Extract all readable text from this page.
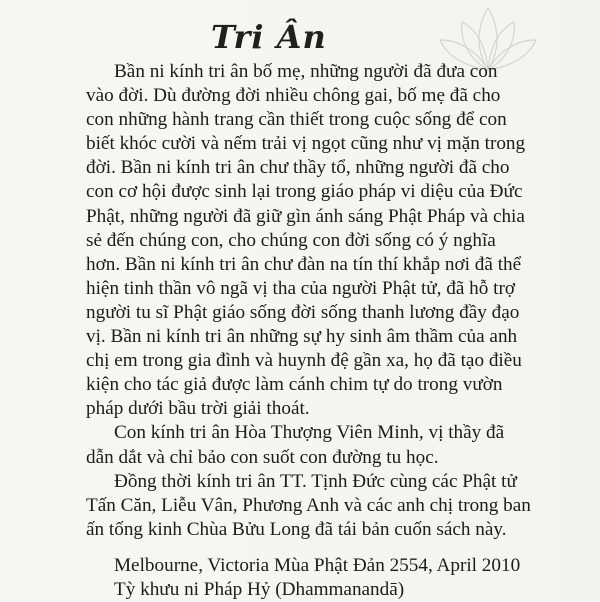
Tri Ân

Bần ni kính tri ân bố mẹ, những người đã đưa con
vào đời. Dù đường đời nhiều chông gai, bố mẹ đã cho
con những hành trang cần thiết trong cuộc sống để con
biết khóc cười và nếm trải vị ngọt cũng như vị mặn trong
đời. Bần ni kính tri ân chư thầy tổ, những người đã cho
con cơ hội được sinh lại trong giáo pháp vi diệu của Đức
Phật, những người đã giữ gìn ánh sáng Phật Pháp và chia
sẻ đến chúng con, cho chúng con đời sống có ý nghĩa
hơn. Bần ni kính tri ân chư đàn na tín thí khắp nơi đã thể
hiện tinh thần vô ngã vị tha của người Phật tử, đã hỗ trợ
người tu sĩ Phật giáo sống đời sống thanh lương đầy đạo
vị. Bần ni kính tri ân những sự hy sinh âm thầm của anh
chị em trong gia đình và huynh đệ gần xa, họ đã tạo điều
kiện cho tác giả được làm cánh chim tự do trong vườn
pháp dưới bầu trời giải thoát.

Con kính tri ân Hòa Thượng Viên Minh, vị thầy đã
dẫn dắt và chỉ bảo con suốt con đường tu học.

Đồng thời kính tri ân TT. Tịnh Đức cùng các Phật tử
Tấn Căn, Liễu Vân, Phương Anh và các anh chị trong ban
ấn tống kinh Chùa Bửu Long đã tái bản cuốn sách này.

Melbourne, Victoria Mùa Phật Đản 2554, April 2010
Tỳ khưu ni Pháp Hỷ (Dhammanandā)
